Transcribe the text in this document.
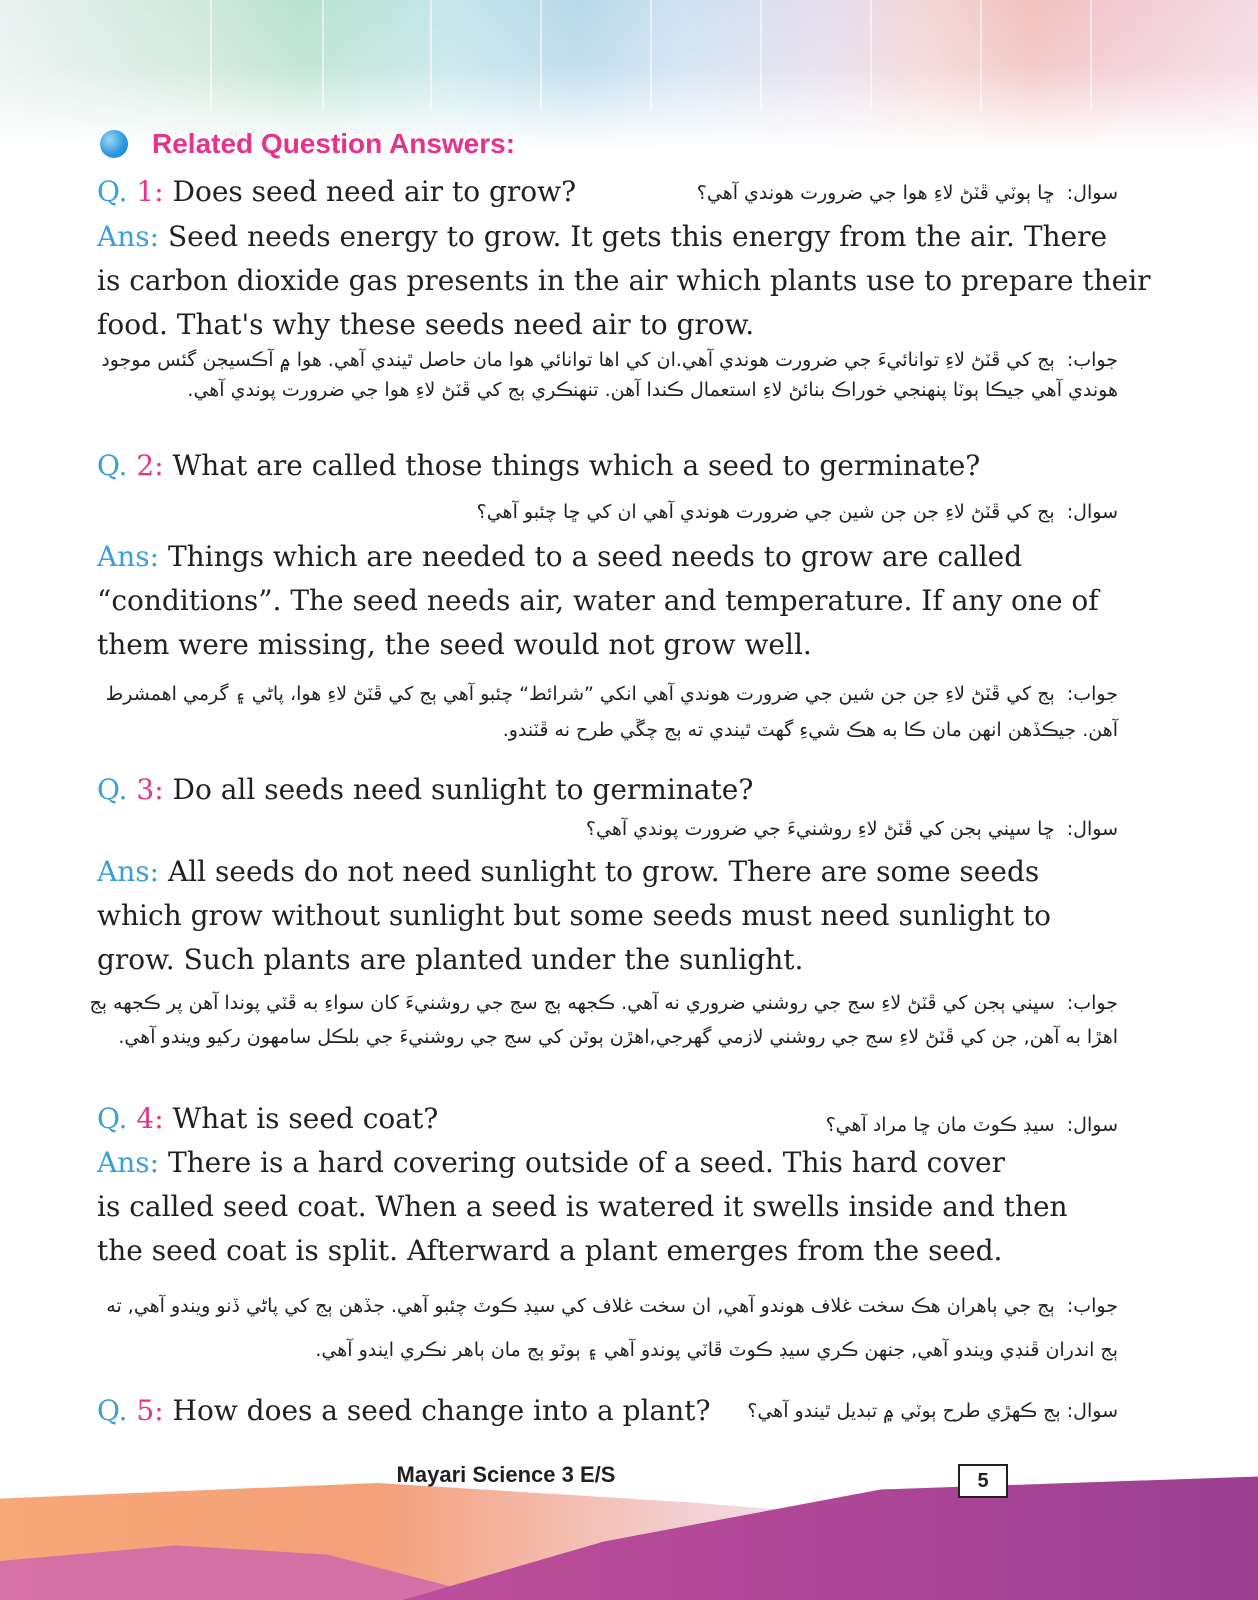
Related Question Answers:
Q. 1: Does seed need air to grow?	سوال:  ڇا ٻوٽي ڦٽڻ لاءِ هوا جي ضرورت هوندي آهي؟
Ans: Seed needs energy to grow. It gets this energy from the air. There
is carbon dioxide gas presents in the air which plants use to prepare their
food. That's why these seeds need air to grow.
جواب:  ٻج کي ڦٽڻ لاءِ توانائيءَ جي ضرورت هوندي آهي.ان کي اها توانائي هوا مان حاصل ٿيندي آهي. هوا ۾ آڪسيجن گئس موجود هوندي آهي جيڪا ٻوٽا پنهنجي خوراڪ بنائڻ لاءِ استعمال ڪندا آهن. تنهنڪري ٻج کي ڦٽڻ لاءِ هوا جي ضرورت پوندي آهي.
Q. 2: What are called those things which a seed to germinate?
سوال:  ٻج کي ڦٽڻ لاءِ جن جن شين جي ضرورت هوندي آهي ان کي ڇا چئبو آهي؟
Ans: Things which are needed to a seed needs to grow are called
“conditions”. The seed needs air, water and temperature. If any one of
them were missing, the seed would not grow well.
جواب:  ٻج کي ڦٽڻ لاءِ جن جن شين جي ضرورت هوندي آهي انکي ”شرائط“ چئبو آهي ٻج کي ڦٽڻ لاءِ هوا، پاڻي ۽ گرمي اهمشرط آهن. جيڪڏهن انهن مان ڪا به هڪ شيءِ گهٽ ٿيندي ته ٻج چڱي طرح نه ڦٽندو.
Q. 3: Do all seeds need sunlight to germinate?
سوال:  ڇا سڀني ٻجن کي ڦٽڻ لاءِ روشنيءَ جي ضرورت پوندي آهي؟
Ans: All seeds do not need sunlight to grow. There are some seeds
which grow without sunlight but some seeds must need sunlight to
grow. Such plants are planted under the sunlight.
جواب:  سڀني ٻجن کي ڦٽڻ لاءِ سج جي روشني ضروري نه آهي. ڪجهه ٻج سج جي روشنيءَ کان سواءِ به ڦٽي پوندا آهن پر ڪجهه ٻج اهڙا به آهن, جن کي ڦٽڻ لاءِ سج جي روشني لازمي گهرجي,اهڙن ٻوٽن کي سج جي روشنيءَ جي بلڪل سامهون رکيو ويندو آهي.
Q. 4: What is seed coat?	سوال:  سيڊ ڪوٽ مان ڇا مراد آهي؟
Ans: There is a hard covering outside of a seed. This hard cover
is called seed coat. When a seed is watered it swells inside and then
the seed coat is split. Afterward a plant emerges from the seed.
جواب:  ٻج جي ٻاهران هڪ سخت غلاف هوندو آهي, ان سخت غلاف کي سيڊ ڪوٽ چئبو آهي. جڏهن ٻج کي پاڻي ڏنو ويندو آهي, ته ٻج اندران ڦنڊي ويندو آهي, جنهن ڪري سيڊ ڪوٽ ڦاٽي پوندو آهي ۽ ٻوٽو ٻج مان ٻاهر نڪري ايندو آهي.
Q. 5: How does a seed change into a plant?	سوال: ٻج ڪهڙي طرح ٻوٽي ۾ تبديل ٿيندو آهي؟
Mayari Science 3 E/S	5
